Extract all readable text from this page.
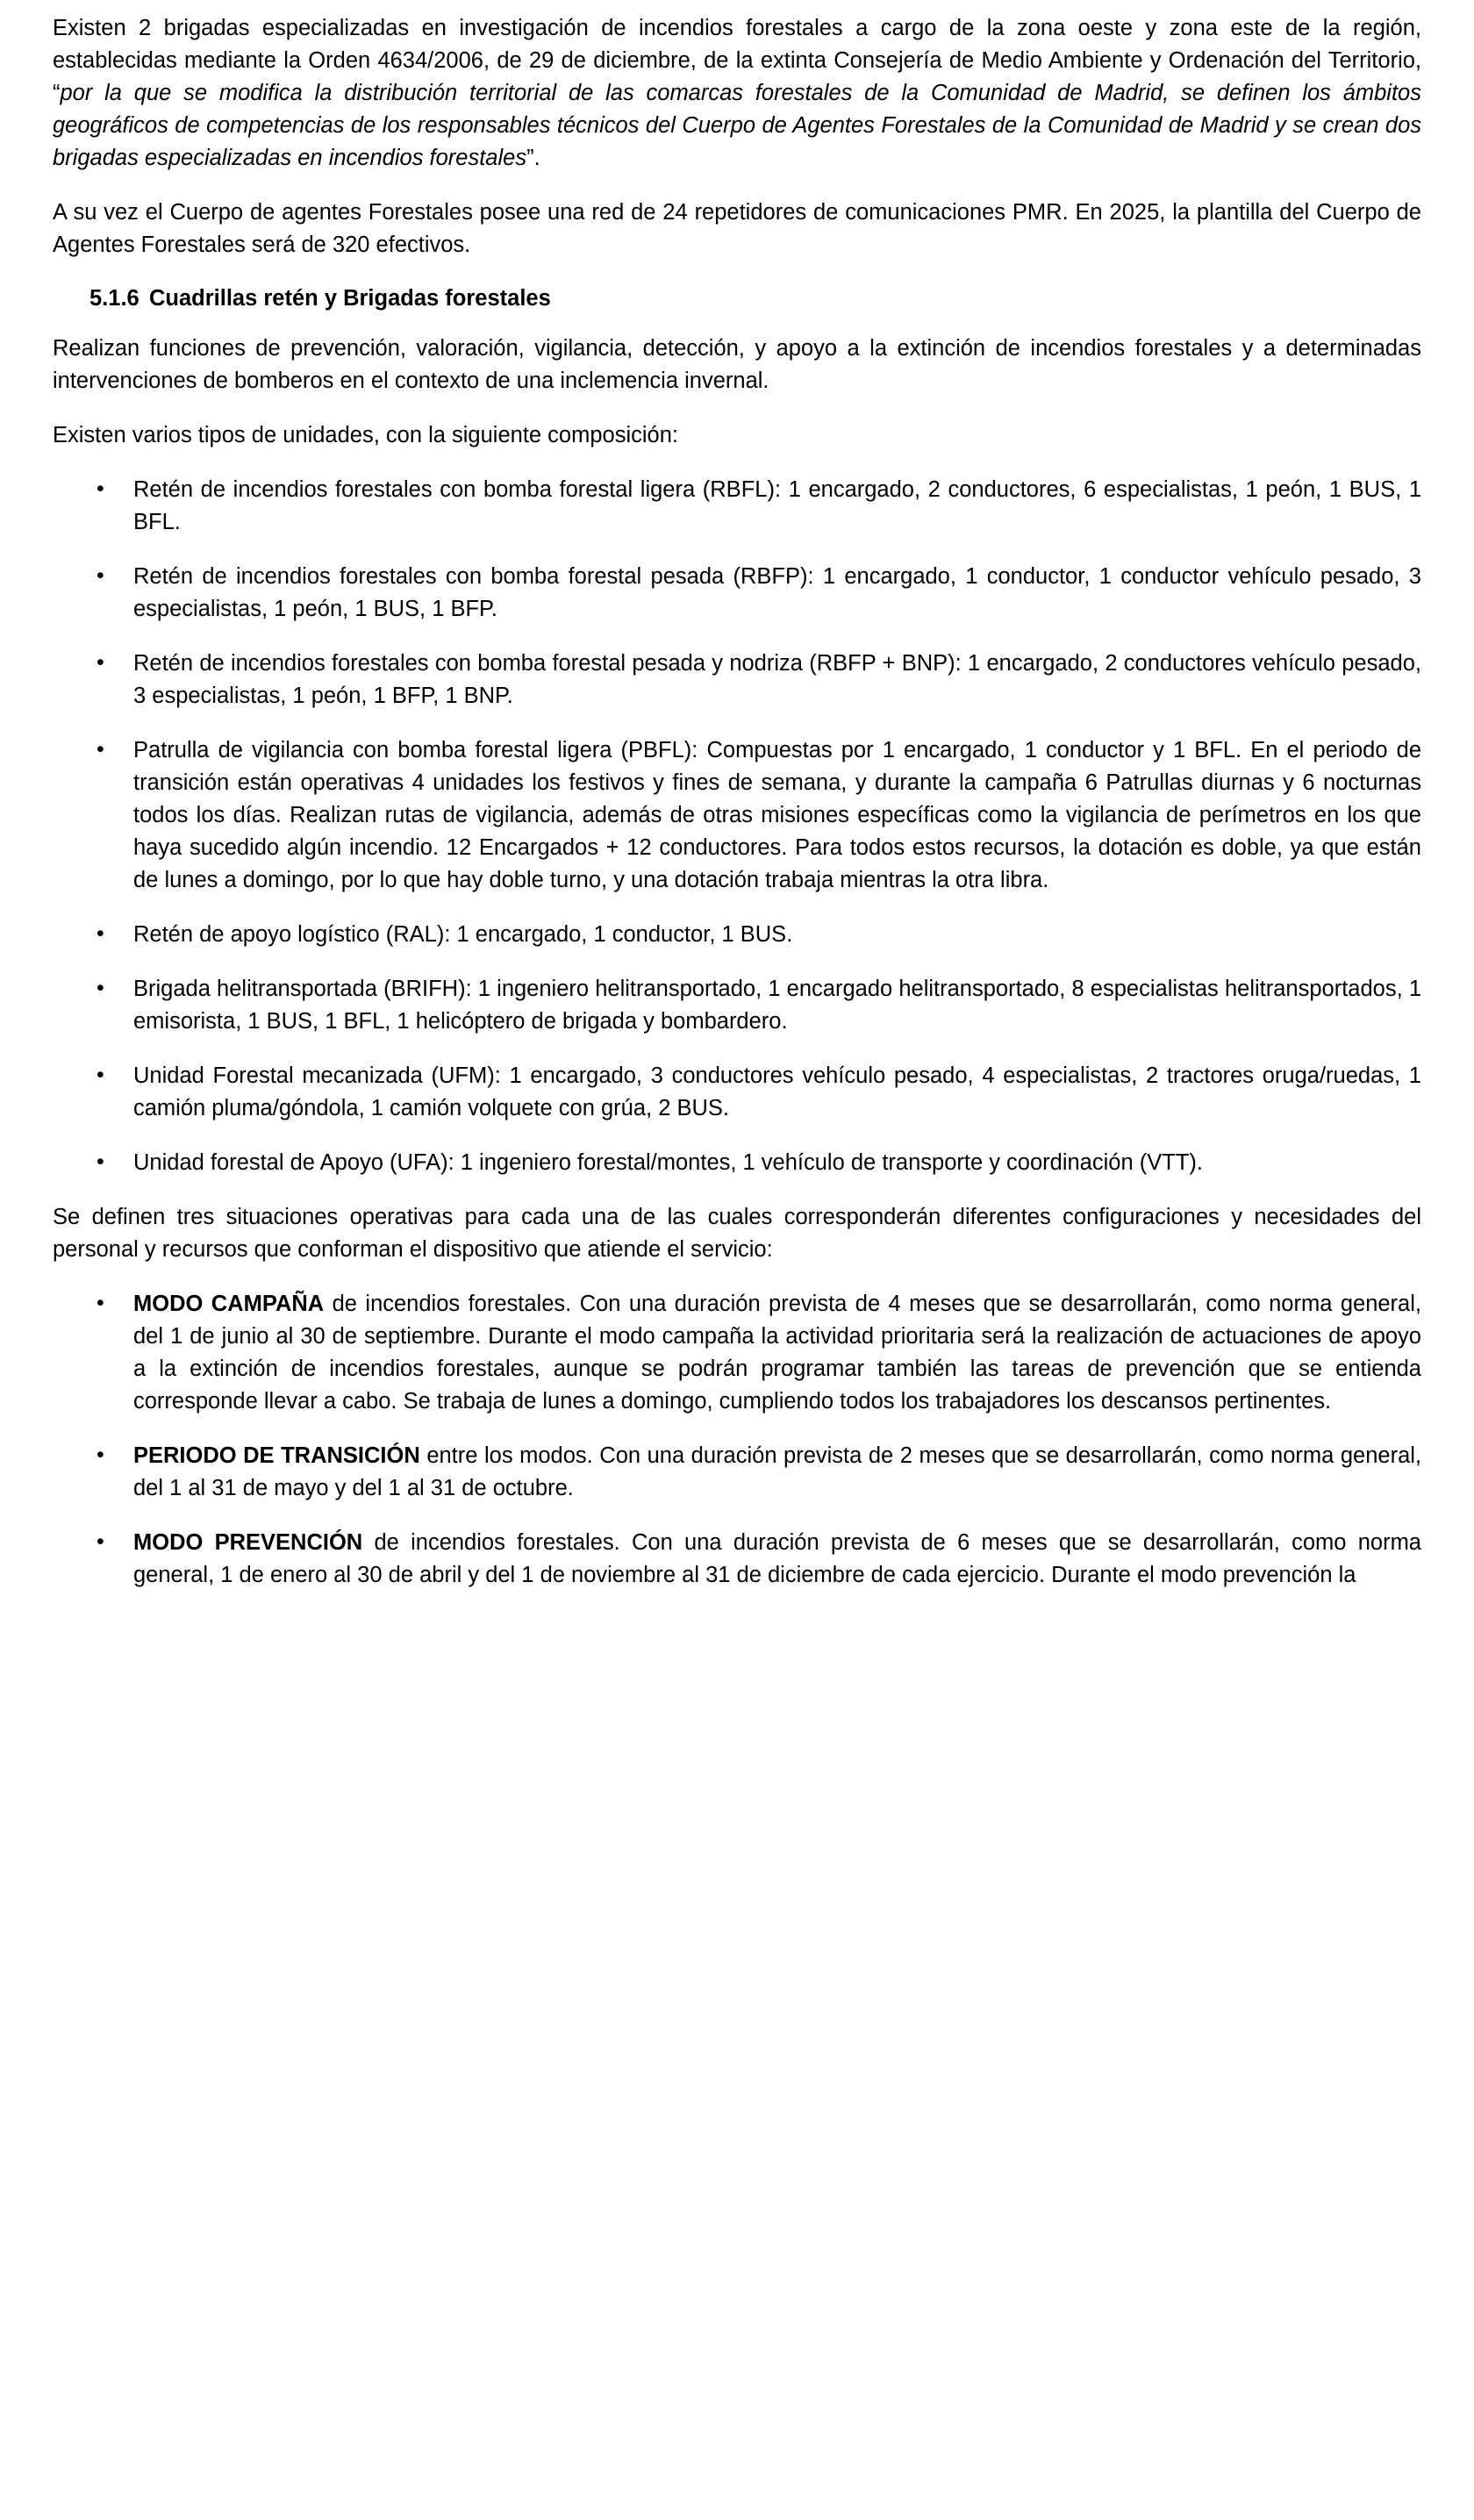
Existen 2 brigadas especializadas en investigación de incendios forestales a cargo de la zona oeste y zona este de la región, establecidas mediante la Orden 4634/2006, de 29 de diciembre, de la extinta Consejería de Medio Ambiente y Ordenación del Territorio, “por la que se modifica la distribución territorial de las comarcas forestales de la Comunidad de Madrid, se definen los ámbitos geográficos de competencias de los responsables técnicos del Cuerpo de Agentes Forestales de la Comunidad de Madrid y se crean dos brigadas especializadas en incendios forestales”.

A su vez el Cuerpo de agentes Forestales posee una red de 24 repetidores de comunicaciones PMR. En 2025, la plantilla del Cuerpo de Agentes Forestales será de 320 efectivos.

5.1.6 Cuadrillas retén y Brigadas forestales

Realizan funciones de prevención, valoración, vigilancia, detección, y apoyo a la extinción de incendios forestales y a determinadas intervenciones de bomberos en el contexto de una inclemencia invernal.

Existen varios tipos de unidades, con la siguiente composición:

• Retén de incendios forestales con bomba forestal ligera (RBFL): 1 encargado, 2 conductores, 6 especialistas, 1 peón, 1 BUS, 1 BFL.
• Retén de incendios forestales con bomba forestal pesada (RBFP): 1 encargado, 1 conductor, 1 conductor vehículo pesado, 3 especialistas, 1 peón, 1 BUS, 1 BFP.
• Retén de incendios forestales con bomba forestal pesada y nodriza (RBFP + BNP): 1 encargado, 2 conductores vehículo pesado, 3 especialistas, 1 peón, 1 BFP, 1 BNP.
• Patrulla de vigilancia con bomba forestal ligera (PBFL): Compuestas por 1 encargado, 1 conductor y 1 BFL. En el periodo de transición están operativas 4 unidades los festivos y fines de semana, y durante la campaña 6 Patrullas diurnas y 6 nocturnas todos los días. Realizan rutas de vigilancia, además de otras misiones específicas como la vigilancia de perímetros en los que haya sucedido algún incendio. 12 Encargados + 12 conductores. Para todos estos recursos, la dotación es doble, ya que están de lunes a domingo, por lo que hay doble turno, y una dotación trabaja mientras la otra libra.
• Retén de apoyo logístico (RAL): 1 encargado, 1 conductor, 1 BUS.
• Brigada helitransportada (BRIFH): 1 ingeniero helitransportado, 1 encargado helitransportado, 8 especialistas helitransportados, 1 emisorista, 1 BUS, 1 BFL, 1 helicóptero de brigada y bombardero.
• Unidad Forestal mecanizada (UFM): 1 encargado, 3 conductores vehículo pesado, 4 especialistas, 2 tractores oruga/ruedas, 1 camión pluma/góndola, 1 camión volquete con grúa, 2 BUS.
• Unidad forestal de Apoyo (UFA): 1 ingeniero forestal/montes, 1 vehículo de transporte y coordinación (VTT).

Se definen tres situaciones operativas para cada una de las cuales corresponderán diferentes configuraciones y necesidades del personal y recursos que conforman el dispositivo que atiende el servicio:

• MODO CAMPAÑA de incendios forestales. Con una duración prevista de 4 meses que se desarrollarán, como norma general, del 1 de junio al 30 de septiembre. Durante el modo campaña la actividad prioritaria será la realización de actuaciones de apoyo a la extinción de incendios forestales, aunque se podrán programar también las tareas de prevención que se entienda corresponde llevar a cabo. Se trabaja de lunes a domingo, cumpliendo todos los trabajadores los descansos pertinentes.
• PERIODO DE TRANSICIÓN entre los modos. Con una duración prevista de 2 meses que se desarrollarán, como norma general, del 1 al 31 de mayo y del 1 al 31 de octubre.
• MODO PREVENCIÓN de incendios forestales. Con una duración prevista de 6 meses que se desarrollarán, como norma general, 1 de enero al 30 de abril y del 1 de noviembre al 31 de diciembre de cada ejercicio. Durante el modo prevención la
